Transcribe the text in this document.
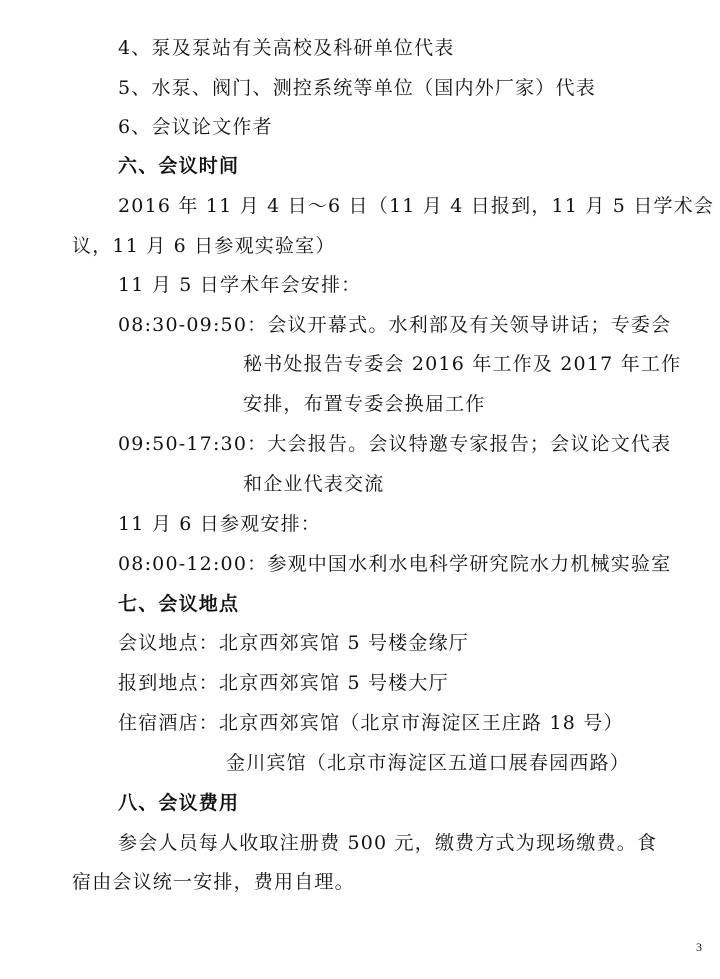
4、泵及泵站有关高校及科研单位代表
5、水泵、阀门、测控系统等单位（国内外厂家）代表
6、会议论文作者
六、会议时间
2016 年 11 月 4 日～6 日（11 月 4 日报到，11 月 5 日学术会
议，11 月 6 日参观实验室）
11 月 5 日学术年会安排：
08:30-09:50：会议开幕式。水利部及有关领导讲话；专委会
秘书处报告专委会 2016 年工作及 2017 年工作
安排，布置专委会换届工作
09:50-17:30：大会报告。会议特邀专家报告；会议论文代表
和企业代表交流
11 月 6 日参观安排：
08:00-12:00：参观中国水利水电科学研究院水力机械实验室
七、会议地点
会议地点：北京西郊宾馆 5 号楼金缘厅
报到地点：北京西郊宾馆 5 号楼大厅
住宿酒店：北京西郊宾馆（北京市海淀区王庄路 18 号）
金川宾馆（北京市海淀区五道口展春园西路）
八、会议费用
参会人员每人收取注册费 500 元，缴费方式为现场缴费。食
宿由会议统一安排，费用自理。
3
